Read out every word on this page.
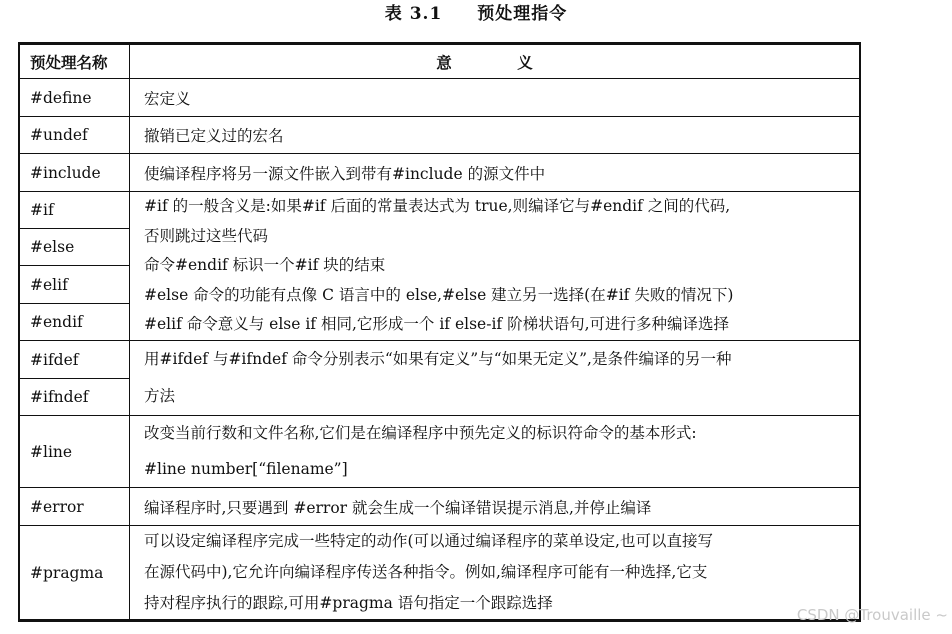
表 3.1 预处理指令
预处理名称	意 义
#define
#undef
#include
#if
#else
#elif
#endif
#ifdef
#ifndef
#line
#error
#pragma
宏定义
撤销已定义过的宏名
使编译程序将另一源文件嵌入到带有#include 的源文件中

#if 的一般含义是:如果#if 后面的常量表达式为 true,则编译它与#endif 之间的代码,

否则跳过这些代码

命令#endif 标识一个#if 块的结束

#else 命令的功能有点像 C 语言中的 else,#else 建立另一选择(在#if 失败的情况下)

#elif 命令意义与 else if 相同,它形成一个 if else-if 阶梯状语句,可进行多种编译选择

用#ifdef 与#ifndef 命令分别表示“如果有定义”与“如果无定义”,是条件编译的另一种

方法

改变当前行数和文件名称,它们是在编译程序中预先定义的标识符命令的基本形式:

#line number[“filename”]

编译程序时,只要遇到 #error 就会生成一个编译错误提示消息,并停止编译

可以设定编译程序完成一些特定的动作(可以通过编译程序的菜单设定,也可以直接写

在源代码中),它允许向编译程序传送各种指令。例如,编译程序可能有一种选择,它支

持对程序执行的跟踪,可用#pragma 语句指定一个跟踪选择

CSDN @Trouvaille ~
